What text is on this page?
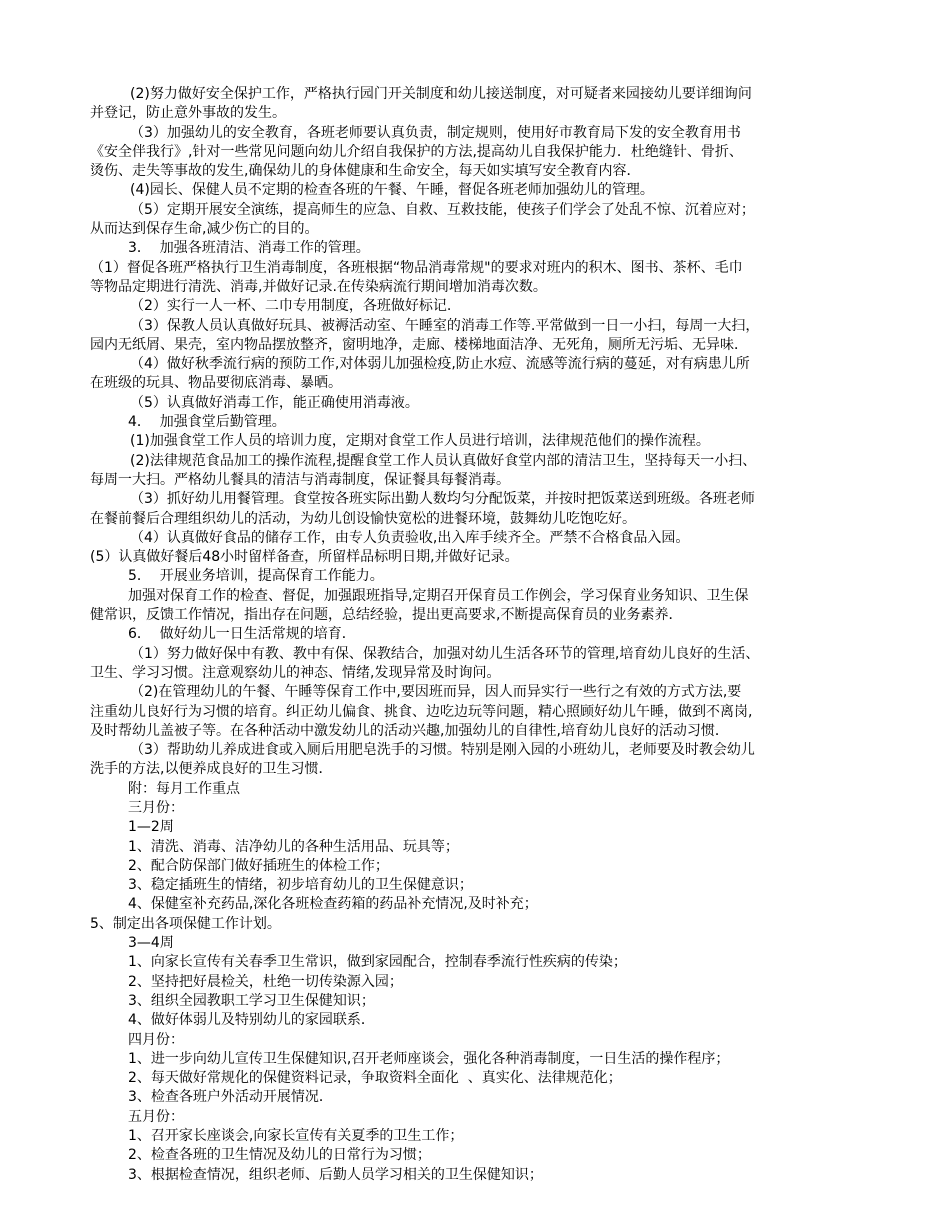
(2)努力做好安全保护工作，严格执行园门开关制度和幼儿接送制度，对可疑者来园接幼儿要详细询问

并登记，防止意外事故的发生。

（3）加强幼儿的安全教育，各班老师要认真负责，制定规则，使用好市教育局下发的安全教育用书

《安全伴我行》,针对一些常见问题向幼儿介绍自我保护的方法,提高幼儿自我保护能力．杜绝缝针、骨折、

烫伤、走失等事故的发生,确保幼儿的身体健康和生命安全，每天如实填写安全教育内容．

(4)园长、保健人员不定期的检查各班的午餐、午睡，督促各班老师加强幼儿的管理。

（5）定期开展安全演练，提高师生的应急、自救、互救技能，使孩子们学会了处乱不惊、沉着应对；

从而达到保存生命,减少伤亡的目的。

3．  加强各班清洁、消毒工作的管理。

（1）督促各班严格执行卫生消毒制度，各班根据“物品消毒常规"的要求对班内的积木、图书、茶杯、毛巾

等物品定期进行清洗、消毒,并做好记录.在传染病流行期间增加消毒次数。

（2）实行一人一杯、二巾专用制度，各班做好标记.

（3）保教人员认真做好玩具、被褥活动室、午睡室的消毒工作等.平常做到一日一小扫，每周一大扫，

园内无纸屑、果壳，室内物品摆放整齐，窗明地净，走廊、楼梯地面洁净、无死角，厕所无污垢、无异味．

（4）做好秋季流行病的预防工作,对体弱儿加强检疫,防止水痘、流感等流行病的蔓延，对有病患儿所

在班级的玩具、物品要彻底消毒、暴晒。

（5）认真做好消毒工作，能正确使用消毒液。

4．  加强食堂后勤管理。

(1)加强食堂工作人员的培训力度，定期对食堂工作人员进行培训，法律规范他们的操作流程。

(2)法律规范食品加工的操作流程,提醒食堂工作人员认真做好食堂内部的清洁卫生，坚持每天一小扫、

每周一大扫。严格幼儿餐具的清洁与消毒制度，保证餐具每餐消毒。

（3）抓好幼儿用餐管理。食堂按各班实际出勤人数均匀分配饭菜，并按时把饭菜送到班级。各班老师

在餐前餐后合理组织幼儿的活动，为幼儿创设愉快宽松的进餐环境，鼓舞幼儿吃饱吃好。

（4）认真做好食品的储存工作，由专人负责验收,出入库手续齐全。严禁不合格食品入园。

(5）认真做好餐后48小时留样备查，所留样品标明日期,并做好记录。

5．  开展业务培训，提高保育工作能力。

加强对保育工作的检查、督促，加强跟班指导,定期召开保育员工作例会，学习保育业务知识、卫生保

健常识，反馈工作情况，指出存在问题，总结经验，提出更高要求,不断提高保育员的业务素养．

6．  做好幼儿一日生活常规的培育．

（1）努力做好保中有教、教中有保、保教结合，加强对幼儿生活各环节的管理,培育幼儿良好的生活、

卫生、学习习惯。注意观察幼儿的神态、情绪,发现异常及时询问。

（2)在管理幼儿的午餐、午睡等保育工作中,要因班而异，因人而异实行一些行之有效的方式方法,要

注重幼儿良好行为习惯的培育。纠正幼儿偏食、挑食、边吃边玩等问题，精心照顾好幼儿午睡，做到不离岗,

及时帮幼儿盖被子等。在各种活动中激发幼儿的活动兴趣,加强幼儿的自律性,培育幼儿良好的活动习惯．

（3）帮助幼儿养成进食或入厕后用肥皂洗手的习惯。特别是刚入园的小班幼儿，老师要及时教会幼儿

洗手的方法,以便养成良好的卫生习惯．

附：每月工作重点

三月份：

1—2周

1、清洗、消毒、洁净幼儿的各种生活用品、玩具等；

2、配合防保部门做好插班生的体检工作；

3、稳定插班生的情绪，初步培育幼儿的卫生保健意识；

4、保健室补充药品,深化各班检查药箱的药品补充情况,及时补充；

5、制定出各项保健工作计划。

3—4周

1、向家长宣传有关春季卫生常识，做到家园配合，控制春季流行性疾病的传染；

2、坚持把好晨检关，杜绝一切传染源入园；

3、组织全园教职工学习卫生保健知识；

4、做好体弱儿及特别幼儿的家园联系．

四月份：

1、进一步向幼儿宣传卫生保健知识,召开老师座谈会，强化各种消毒制度，一日生活的操作程序；

2、每天做好常规化的保健资料记录，争取资料全面化  、真实化、法律规范化；

3、检查各班户外活动开展情况．

五月份：

1、召开家长座谈会,向家长宣传有关夏季的卫生工作；

2、检查各班的卫生情况及幼儿的日常行为习惯；

3、根据检查情况，组织老师、后勤人员学习相关的卫生保健知识；
